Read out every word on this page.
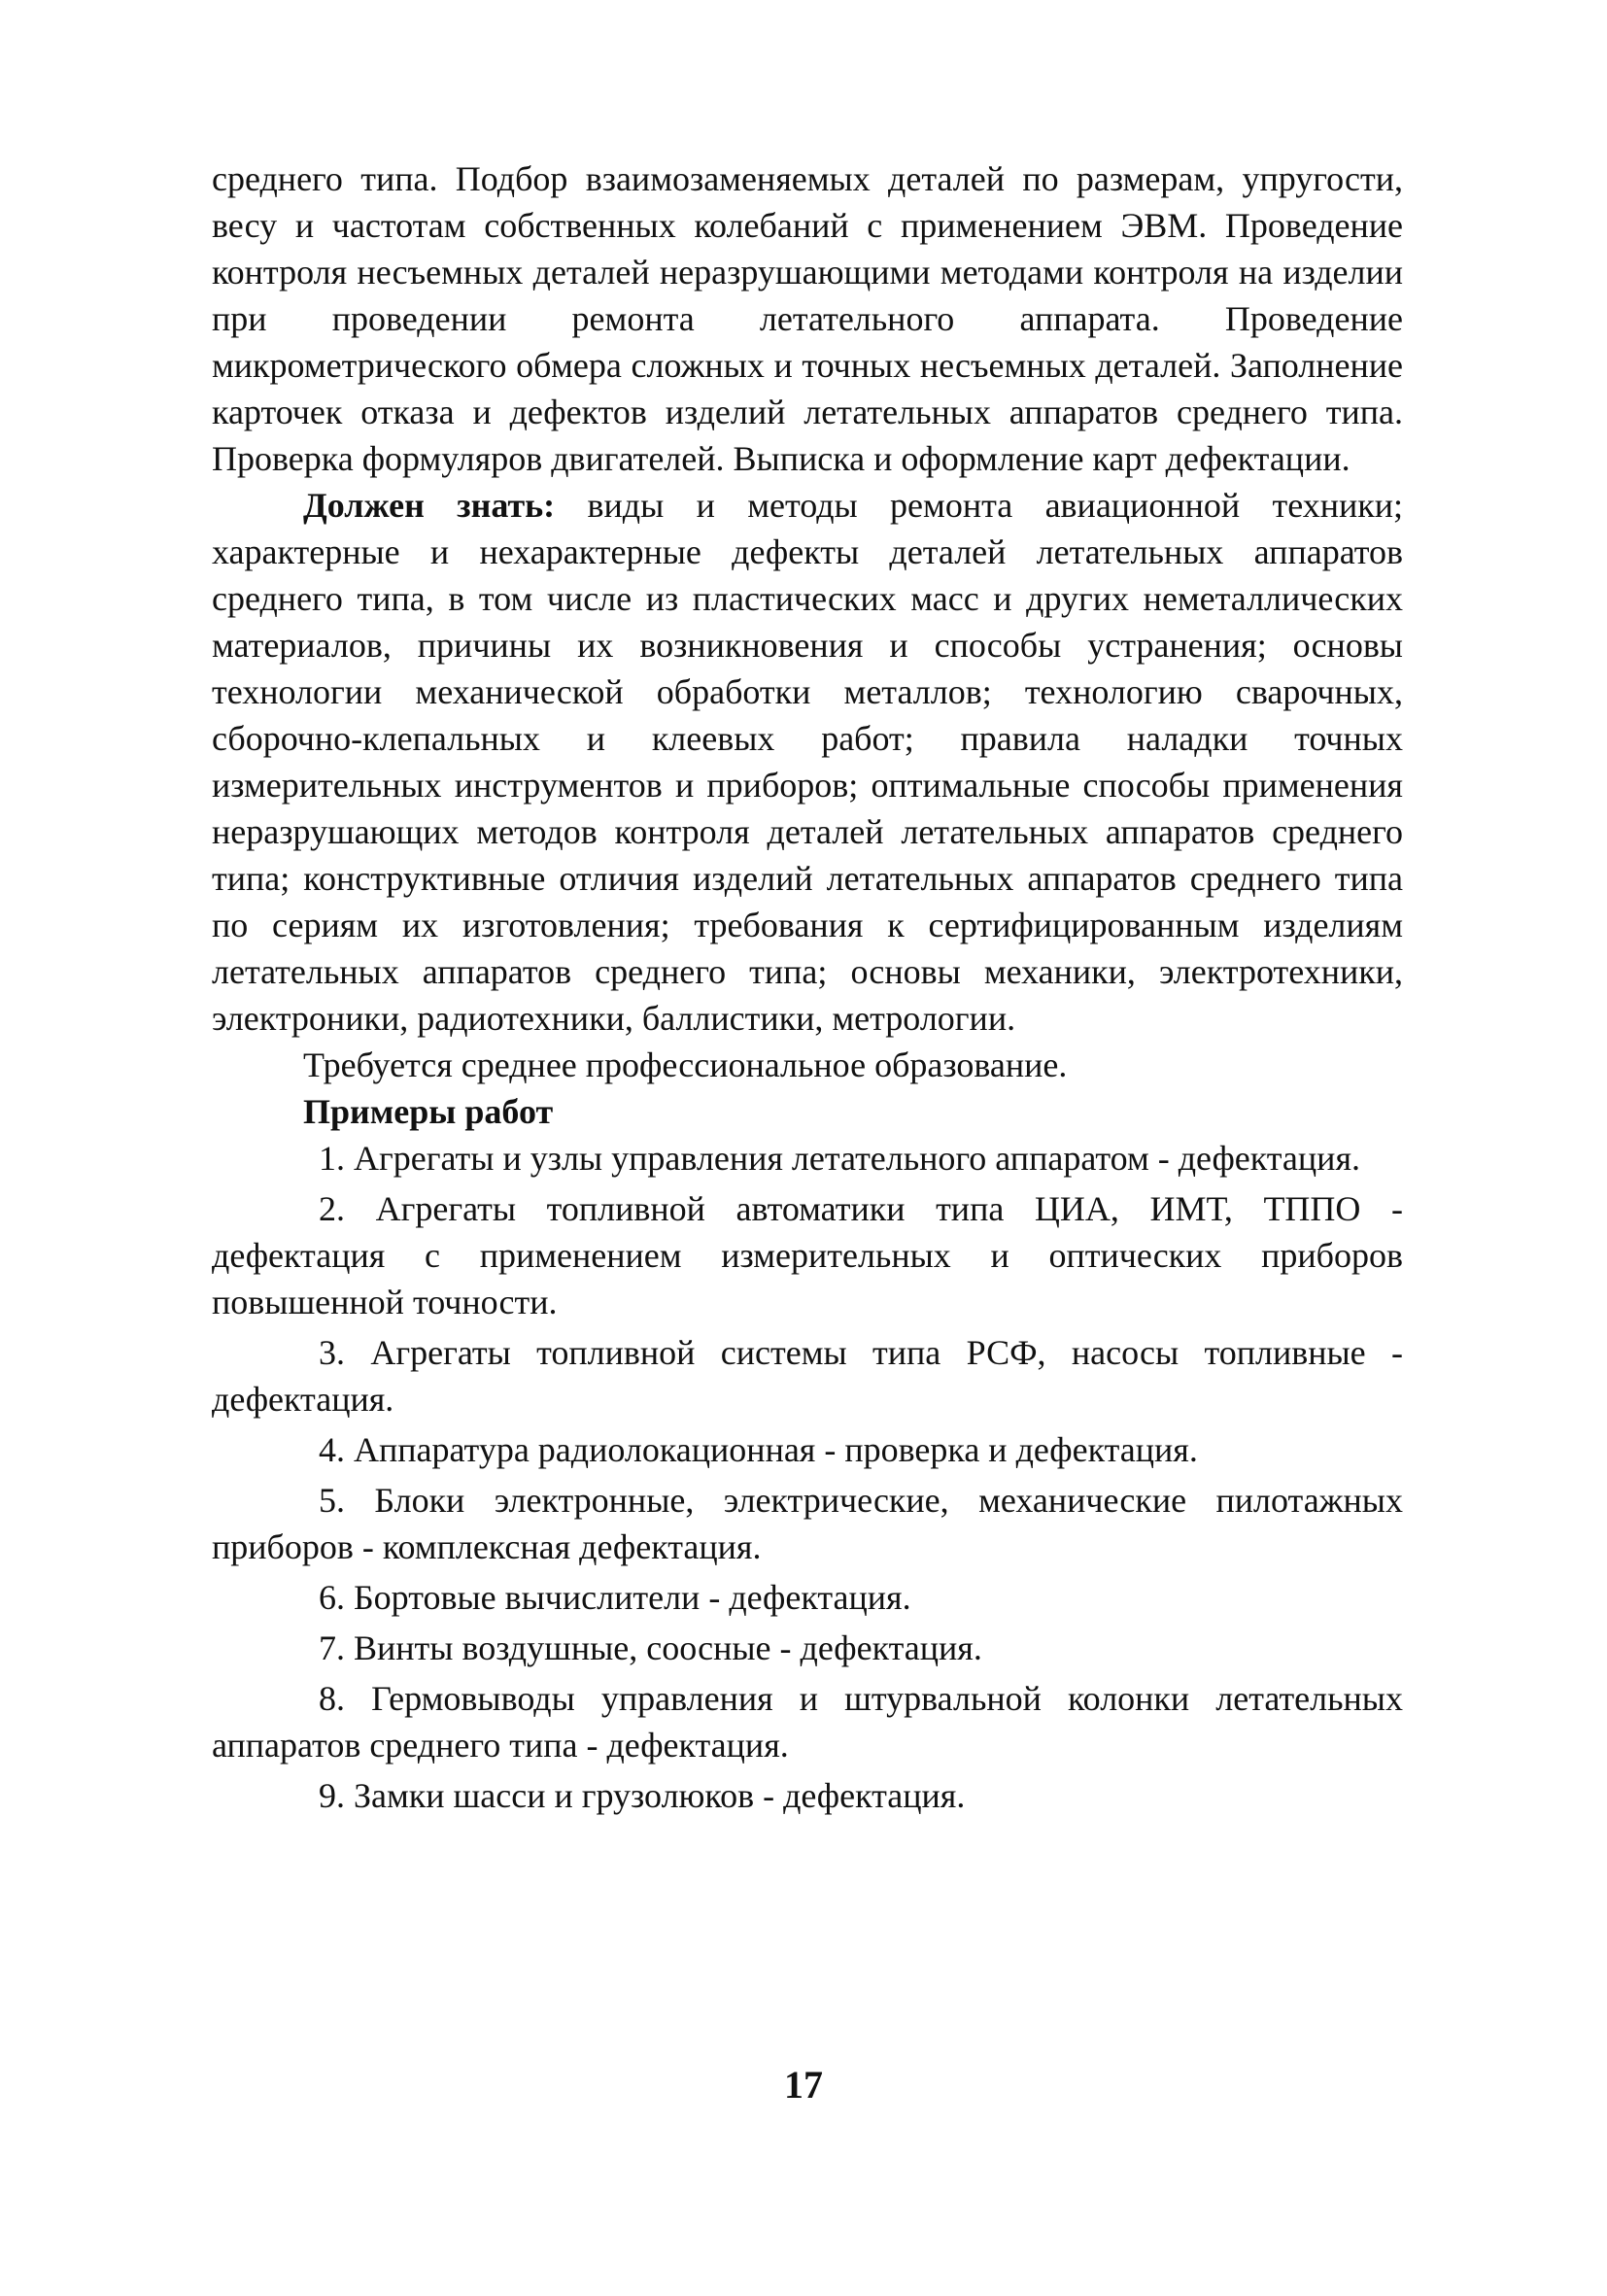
среднего типа. Подбор взаимозаменяемых деталей по размерам, упругости, весу и частотам собственных колебаний с применением ЭВМ. Проведение контроля несъемных деталей неразрушающими методами контроля на изделии при проведении ремонта летательного аппарата. Проведение микрометрического обмера сложных и точных несъемных деталей. Заполнение карточек отказа и дефектов изделий летательных аппаратов среднего типа. Проверка формуляров двигателей. Выписка и оформление карт дефектации.

Должен знать: виды и методы ремонта авиационной техники; характерные и нехарактерные дефекты деталей летательных аппаратов среднего типа, в том числе из пластических масс и других неметаллических материалов, причины их возникновения и способы устранения; основы технологии механической обработки металлов; технологию сварочных, сборочно-клепальных и клеевых работ; правила наладки точных измерительных инструментов и приборов; оптимальные способы применения неразрушающих методов контроля деталей летательных аппаратов среднего типа; конструктивные отличия изделий летательных аппаратов среднего типа по сериям их изготовления; требования к сертифицированным изделиям летательных аппаратов среднего типа; основы механики, электротехники, электроники, радиотехники, баллистики, метрологии.

Требуется среднее профессиональное образование.

Примеры работ

1. Агрегаты и узлы управления летательного аппаратом - дефектация.
2. Агрегаты топливной автоматики типа ЦИА, ИМТ, ТППО - дефектация с применением измерительных и оптических приборов повышенной точности.
3. Агрегаты топливной системы типа РСФ, насосы топливные - дефектация.
4. Аппаратура радиолокационная - проверка и дефектация.
5. Блоки электронные, электрические, механические пилотажных приборов - комплексная дефектация.
6. Бортовые вычислители - дефектация.
7. Винты воздушные, соосные - дефектация.
8. Гермовыводы управления и штурвальной колонки летательных аппаратов среднего типа - дефектация.
9. Замки шасси и грузолюков - дефектация.
17
